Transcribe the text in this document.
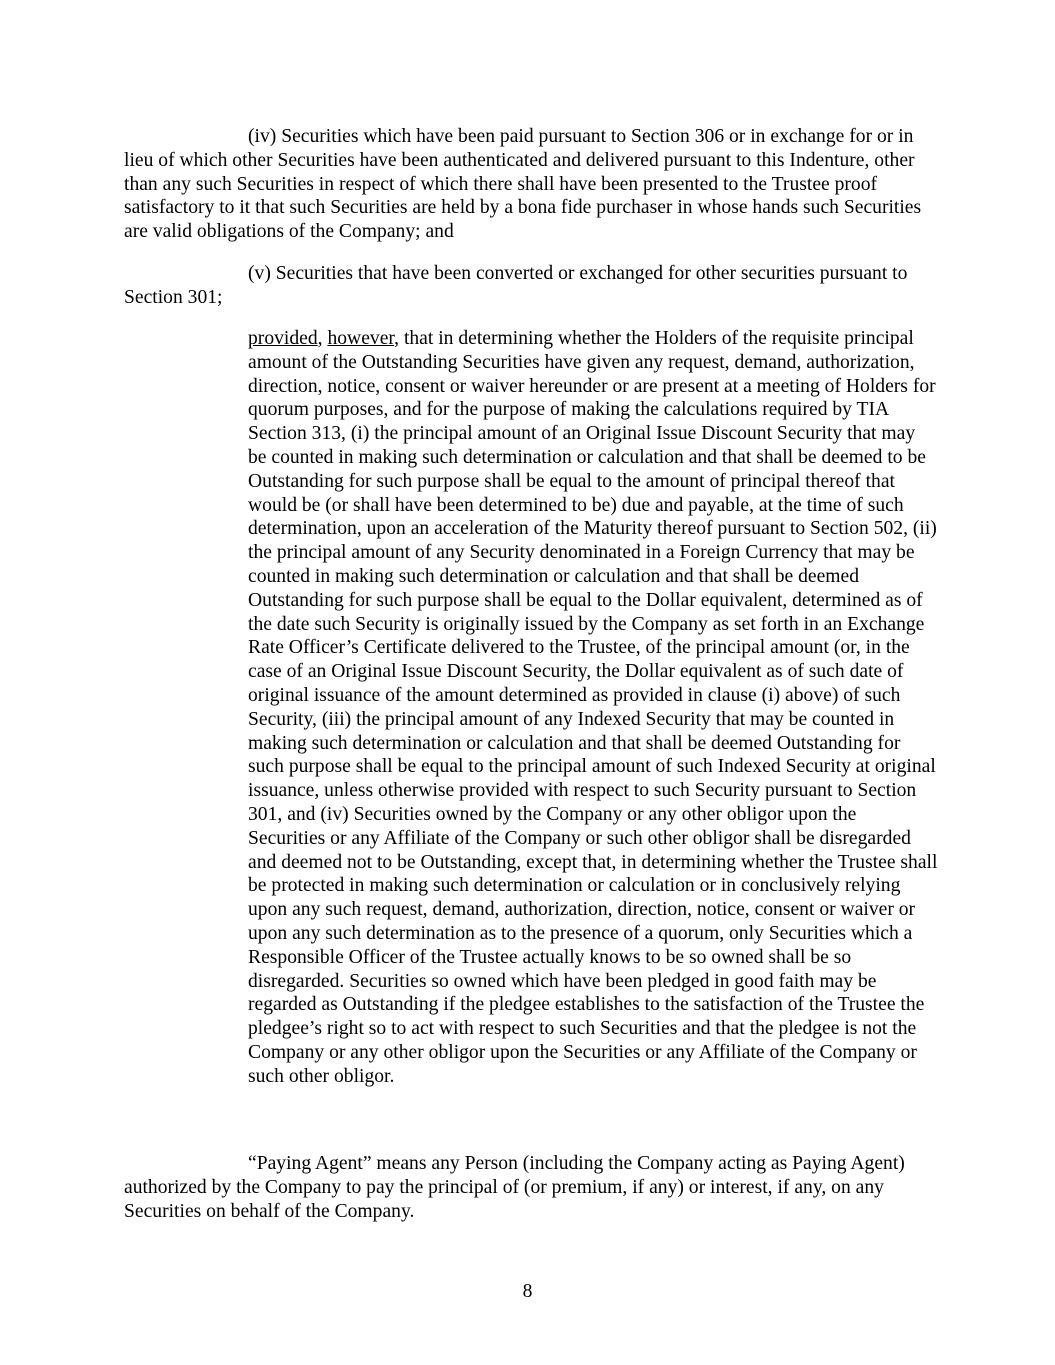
(iv) Securities which have been paid pursuant to Section 306 or in exchange for or in lieu of which other Securities have been authenticated and delivered pursuant to this Indenture, other than any such Securities in respect of which there shall have been presented to the Trustee proof satisfactory to it that such Securities are held by a bona fide purchaser in whose hands such Securities are valid obligations of the Company; and

(v) Securities that have been converted or exchanged for other securities pursuant to Section 301;

provided, however, that in determining whether the Holders of the requisite principal amount of the Outstanding Securities have given any request, demand, authorization, direction, notice, consent or waiver hereunder or are present at a meeting of Holders for quorum purposes, and for the purpose of making the calculations required by TIA Section 313, (i) the principal amount of an Original Issue Discount Security that may be counted in making such determination or calculation and that shall be deemed to be Outstanding for such purpose shall be equal to the amount of principal thereof that would be (or shall have been determined to be) due and payable, at the time of such determination, upon an acceleration of the Maturity thereof pursuant to Section 502, (ii) the principal amount of any Security denominated in a Foreign Currency that may be counted in making such determination or calculation and that shall be deemed Outstanding for such purpose shall be equal to the Dollar equivalent, determined as of the date such Security is originally issued by the Company as set forth in an Exchange Rate Officer’s Certificate delivered to the Trustee, of the principal amount (or, in the case of an Original Issue Discount Security, the Dollar equivalent as of such date of original issuance of the amount determined as provided in clause (i) above) of such Security, (iii) the principal amount of any Indexed Security that may be counted in making such determination or calculation and that shall be deemed Outstanding for such purpose shall be equal to the principal amount of such Indexed Security at original issuance, unless otherwise provided with respect to such Security pursuant to Section 301, and (iv) Securities owned by the Company or any other obligor upon the Securities or any Affiliate of the Company or such other obligor shall be disregarded and deemed not to be Outstanding, except that, in determining whether the Trustee shall be protected in making such determination or calculation or in conclusively relying upon any such request, demand, authorization, direction, notice, consent or waiver or upon any such determination as to the presence of a quorum, only Securities which a Responsible Officer of the Trustee actually knows to be so owned shall be so disregarded. Securities so owned which have been pledged in good faith may be regarded as Outstanding if the pledgee establishes to the satisfaction of the Trustee the pledgee’s right so to act with respect to such Securities and that the pledgee is not the Company or any other obligor upon the Securities or any Affiliate of the Company or such other obligor.

“Paying Agent” means any Person (including the Company acting as Paying Agent) authorized by the Company to pay the principal of (or premium, if any) or interest, if any, on any Securities on behalf of the Company.

8
